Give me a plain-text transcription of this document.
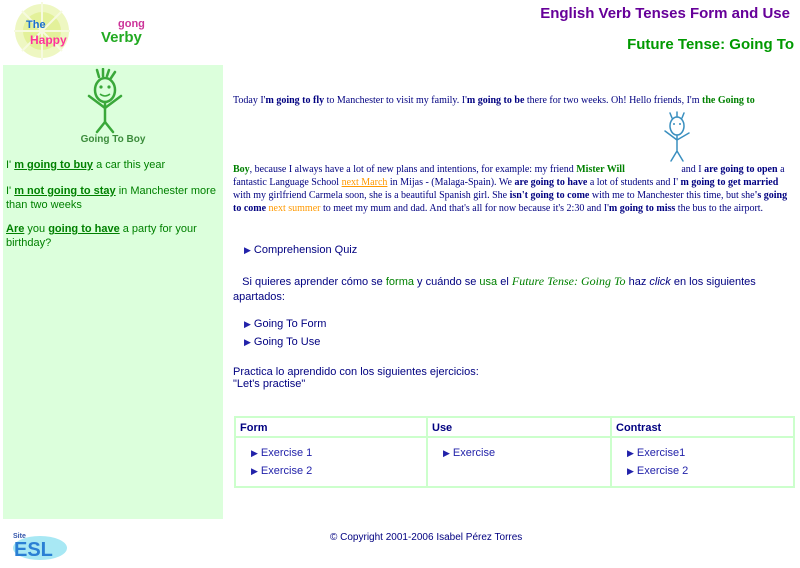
The
Happy
gong
Verby
English Verb Tenses Form and Use
Future Tense: Going To
Going To Boy
I' m going to buy a car this year
I' m not going to stay in Manchester more than two weeks
Are you going to have a party for your birthday?
Today I'm going to fly to Manchester to visit my family. I'm going to be there for two weeks. Oh! Hello friends, I'm the Going to
Boy, because I always have a lot of new plans and intentions, for example: my friend Mister Will	and I are going to open a fantastic Language School next March in Mijas - (Malaga-Spain). We are going to have a lot of students and I' m going to get married with my girlfriend Carmela soon, she is a beautiful Spanish girl. She isn't going to come with me to Manchester this time, but she's going to come next summer to meet my mum and dad. And that's all for now because it's 2:30 and I'm going to miss the bus to the airport.
▶ Comprehension Quiz
Si quieres aprender cómo se forma y cuándo se usa el Future Tense: Going To haz click en los siguientes apartados:
▶ Going To Form
▶ Going To Use
Practica lo aprendido con los siguientes ejercicios:
"Let's practise"
Form
▶ Exercise 1
▶ Exercise 2
Use
▶ Exercise
Contrast
▶ Exercise1
▶ Exercise 2
Site
ESL
© Copyright 2001-2006 Isabel Pérez Torres
